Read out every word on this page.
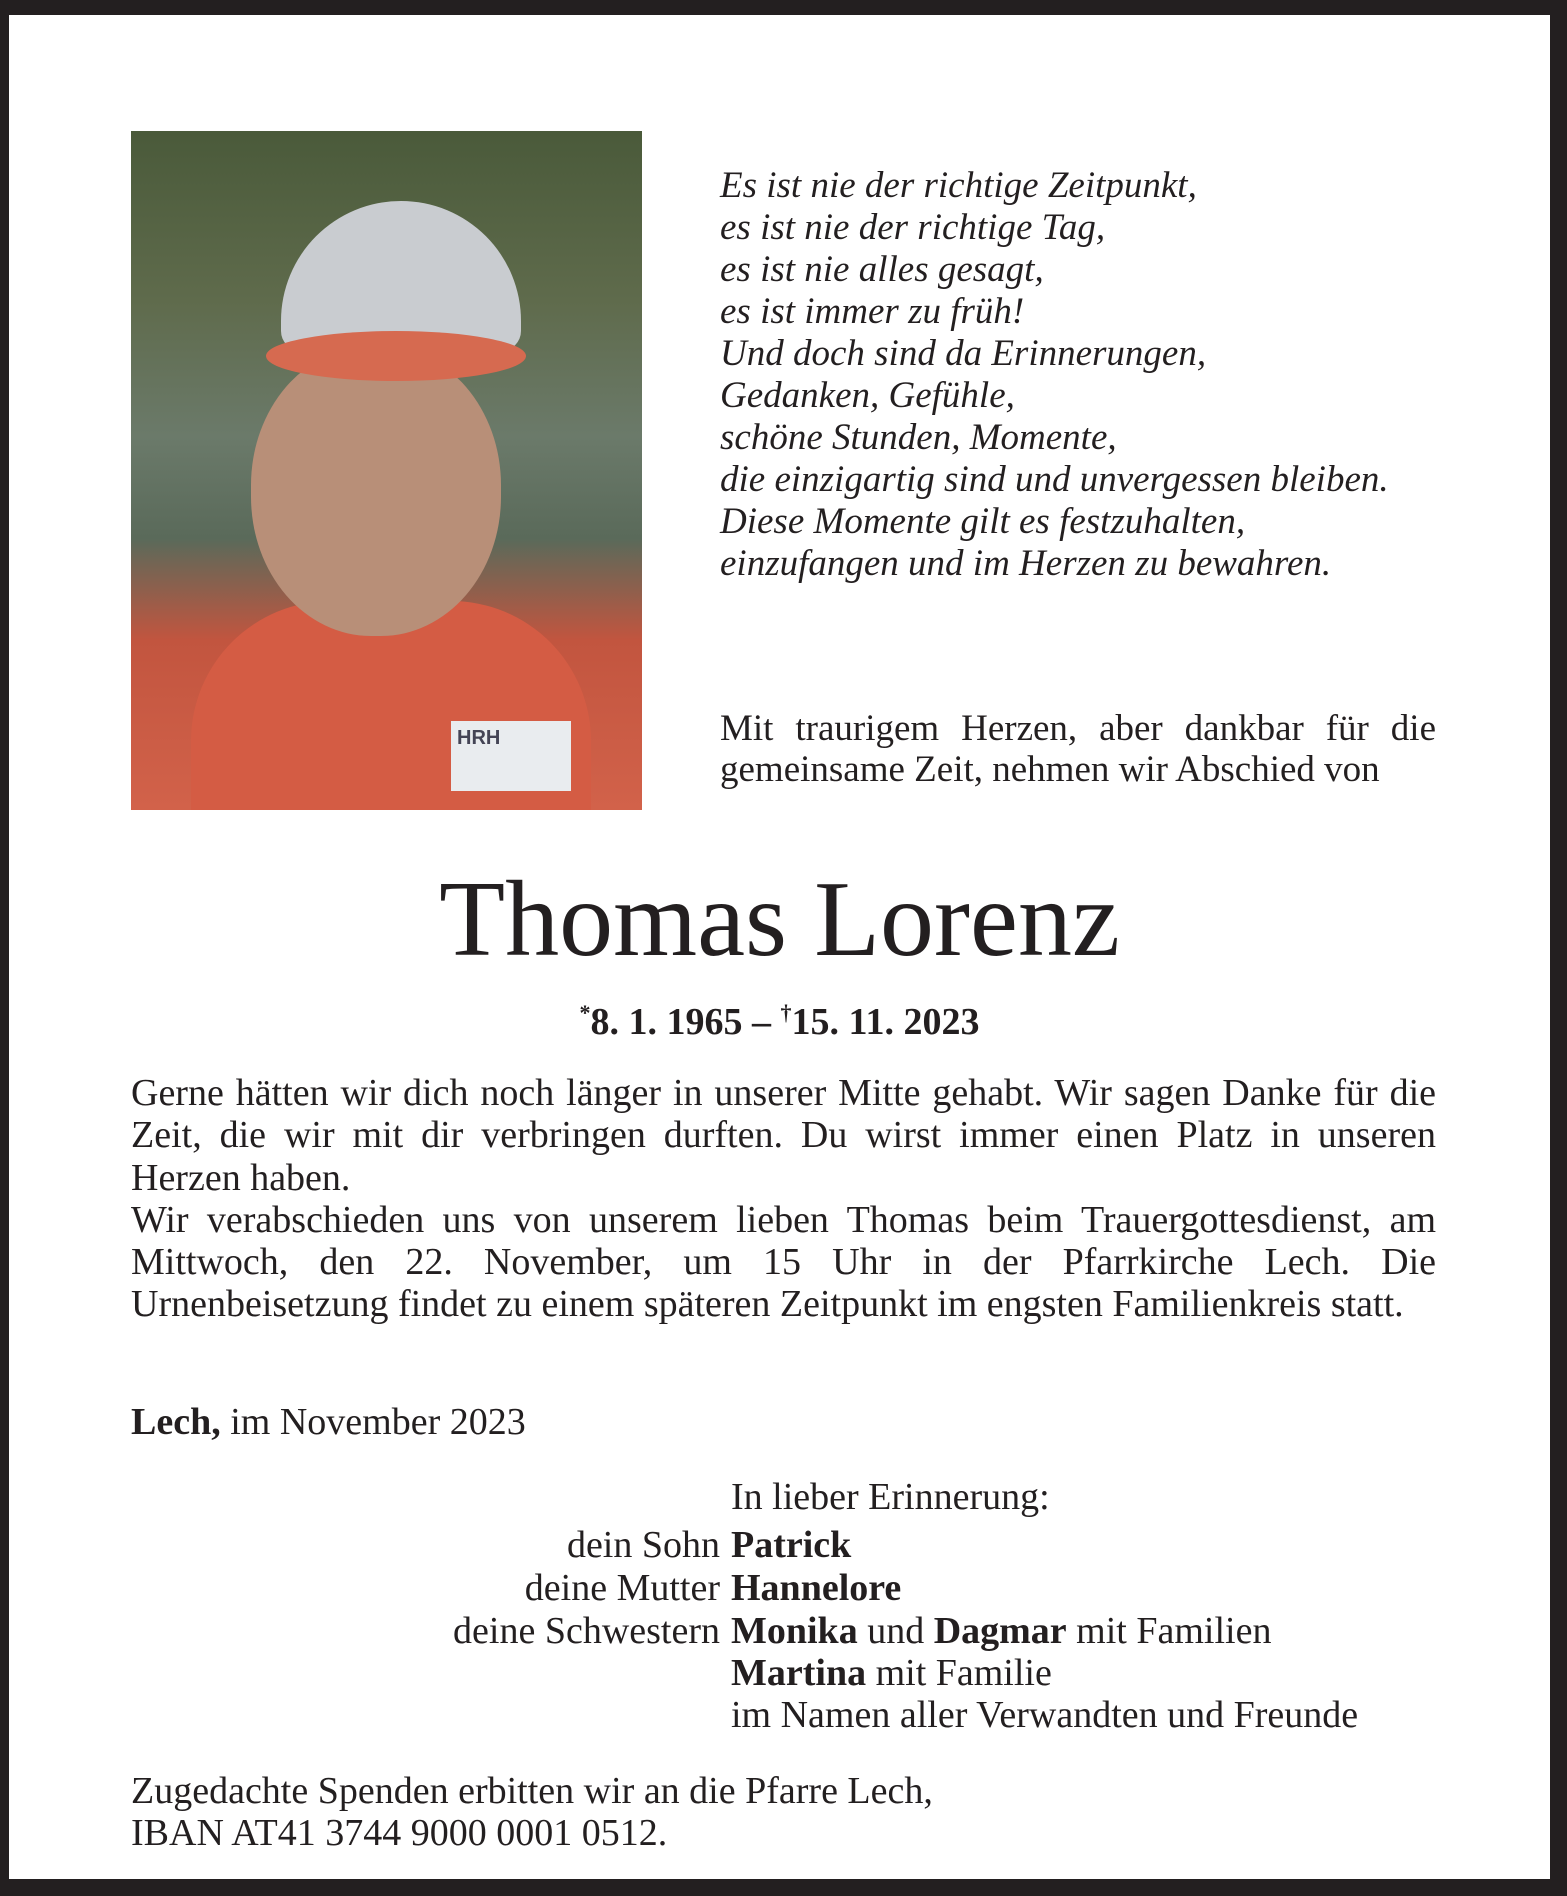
HRH
Es ist nie der richtige Zeitpunkt,
es ist nie der richtige Tag,
es ist nie alles gesagt,
es ist immer zu früh!
Und doch sind da Erinnerungen,
Gedanken, Gefühle,
schöne Stunden, Momente,
die einzigartig sind und unvergessen bleiben.
Diese Momente gilt es festzuhalten,
einzufangen und im Herzen zu bewahren.
Mit traurigem Herzen, aber dankbar für die gemeinsame Zeit, nehmen wir Abschied von
Thomas Lorenz
*8. 1. 1965 – †15. 11. 2023

Gerne hätten wir dich noch länger in unserer Mitte gehabt. Wir sagen Danke für die Zeit, die wir mit dir verbringen durften. Du wirst immer einen Platz in unseren Herzen haben.

Wir verabschieden uns von unserem lieben Thomas beim Trauergottesdienst, am Mittwoch, den 22. November, um 15 Uhr in der Pfarrkirche Lech. Die Urnenbeisetzung findet zu einem späteren Zeitpunkt im engsten Familienkreis statt.

Lech, im November 2023
In lieber Erinnerung:
dein Sohn Patrick
deine Mutter Hannelore
deine Schwestern Monika und Dagmar mit Familien
Martina mit Familie
im Namen aller Verwandten und Freunde
Zugedachte Spenden erbitten wir an die Pfarre Lech,
IBAN AT41 3744 9000 0001 0512.
